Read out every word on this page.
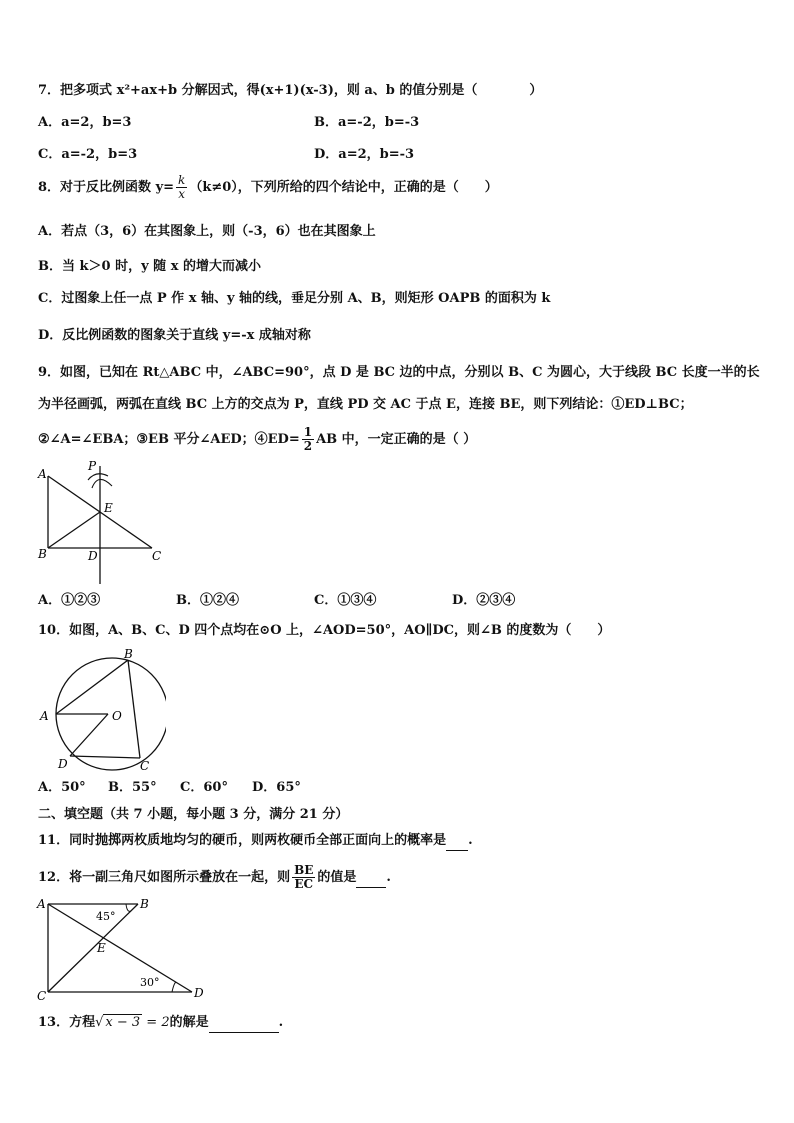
7．把多项式 x²+ax+b 分解因式，得(x+1)(x-3)，则 a、b 的值分别是（　　　　）
A．a=2，b=3	B．a=-2，b=-3
C．a=-2，b=3	D．a=2，b=-3
8．对于反比例函数 $y= \frac{k}{x} (k\ne 0)$，下列所给的四个结论中，正确的是（　　）
A．若点（3，6）在其图象上，则（-3，6）也在其图象上
B．当 k＞0 时，y 随 x 的增大而减小
C．过图象上任一点 P 作 x 轴、y 轴的线，垂足分别 A、B，则矩形 OAPB 的面积为 k
D．反比例函数的图象关于直线 y=-x 成轴对称
9．如图，已知在 Rt△ABC 中，∠ABC=90°，点 D 是 BC 边的中点，分别以 B、C 为圆心，大于线段 BC 长度一半的长
为半径画弧，两弧在直线 BC 上方的交点为 P，直线 PD 交 AC 于点 E，连接 BE，则下列结论：①ED⊥BC；
②∠A=∠EBA；③EB 平分∠AED；④ED= $\frac{1}{2}$ AB 中，一定正确的是（ ）
A
P
E
B	D	C
A．①②③	B．①②④	C．①③④	D．②③④
10．如图，A、B、C、D 四个点均在⊙O 上，∠AOD=50°，AO∥DC，则∠B 的度数为（　　）
A
B
O
D	C
A．50° B．55° C．60° D．65°
二、填空题（共 7 小题，每小题 3 分，满分 21 分）
11．同时抛掷两枚质地均匀的硬币，则两枚硬币全部正面向上的概率是 .
12．将一副三角尺如图所示叠放在一起，则 $\frac{BE}{EC}$ 的值是 .
A	B
C	D
E
45°
30°
13．方程√ x − 3 = 2的解是	.
